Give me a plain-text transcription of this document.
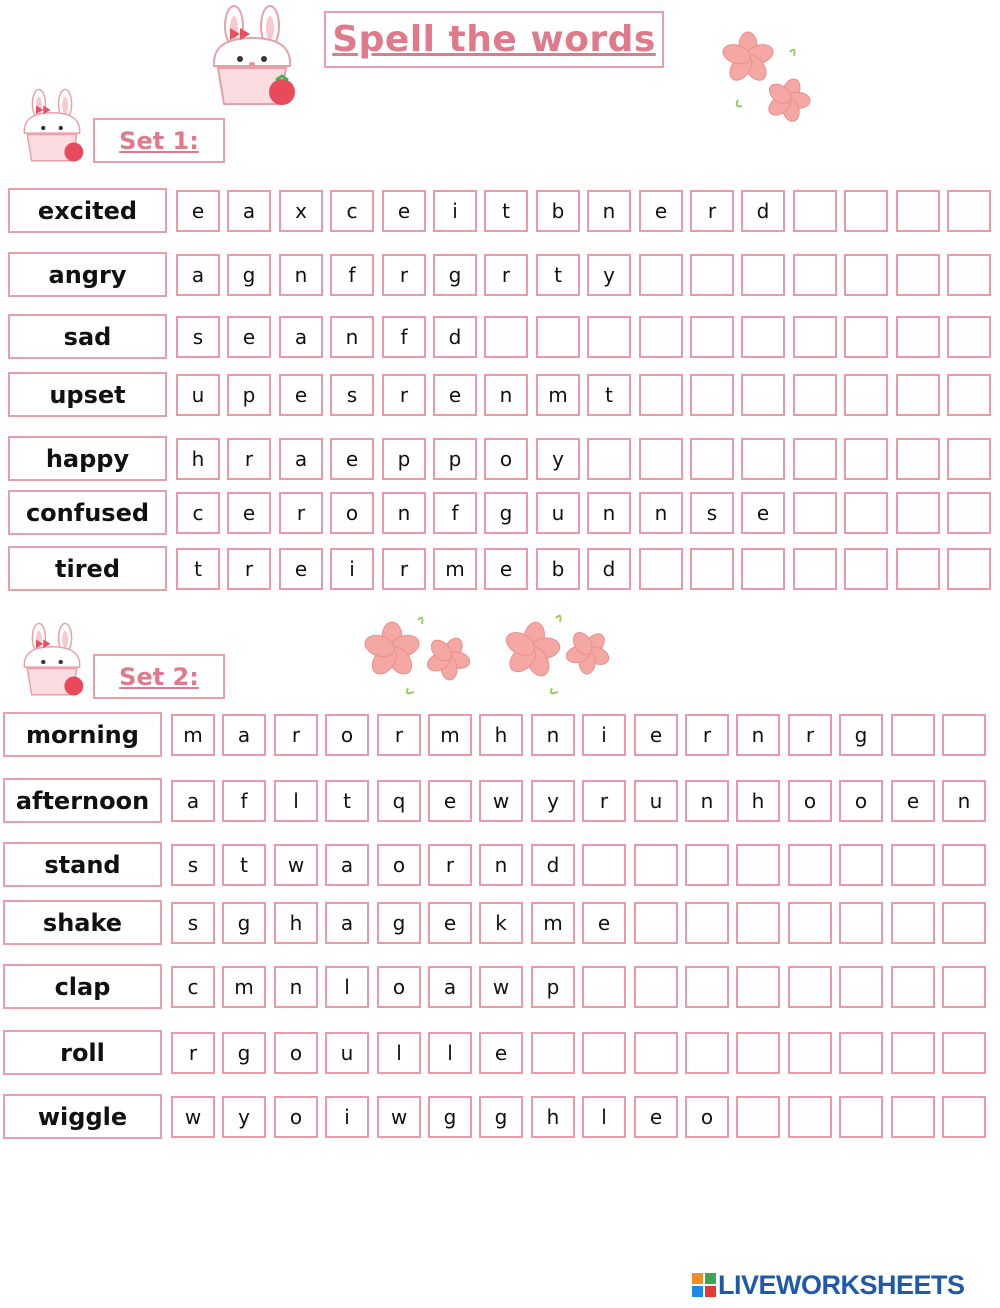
Spell the words
Set 1:
Set 2:
excited	e	a	x	c	e	i	t	b	n	e	r	d
angry	a	g	n	f	r	g	r	t	y
sad	s	e	a	n	f	d
upset	u	p	e	s	r	e	n	m	t
happy	h	r	a	e	p	p	o	y
confused	c	e	r	o	n	f	g	u	n	n	s	e
tired	t	r	e	i	r	m	e	b	d
morning	m	a	r	o	r	m	h	n	i	e	r	n	r	g
afternoon	a	f	l	t	q	e	w	y	r	u	n	h	o	o	e	n
stand	s	t	w	a	o	r	n	d
shake	s	g	h	a	g	e	k	m	e
clap	c	m	n	l	o	a	w	p
roll	r	g	o	u	l	l	e
wiggle	w	y	o	i	w	g	g	h	l	e	o
LIVEWORKSHEETS
